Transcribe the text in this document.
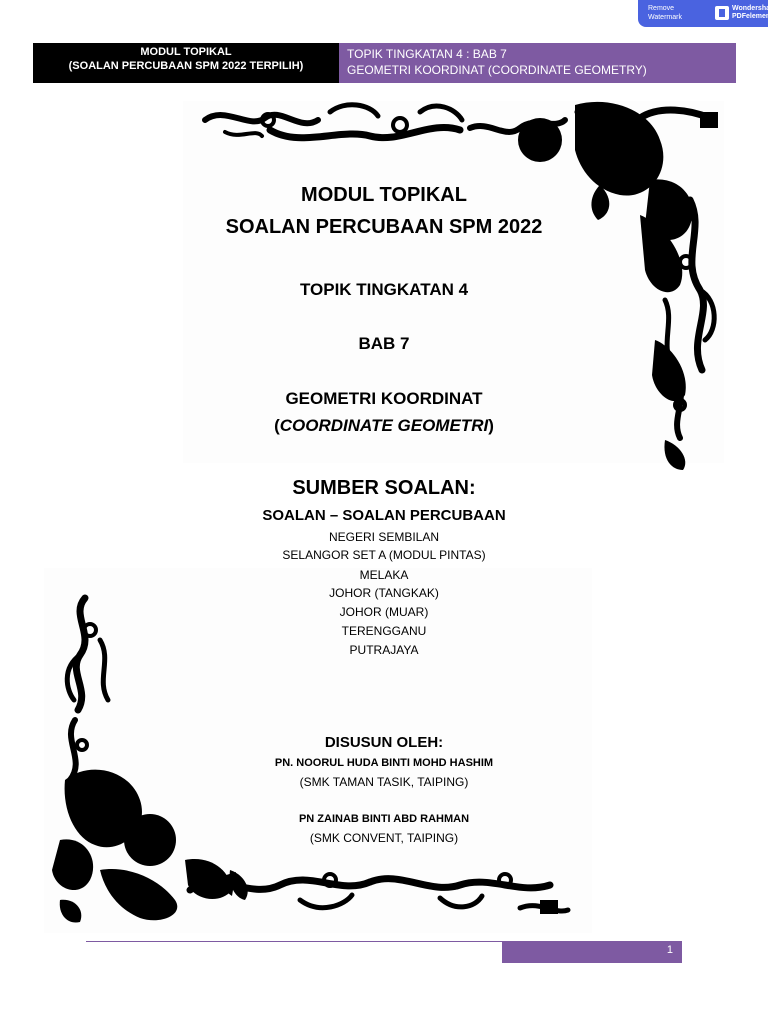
Remove
Watermark
Wondershare
PDFelement
MODUL TOPIKAL
(SOALAN PERCUBAAN SPM 2022 TERPILIH)
TOPIK TINGKATAN 4 : BAB 7
GEOMETRI KOORDINAT (COORDINATE GEOMETRY)
MODUL TOPIKAL
SOALAN PERCUBAAN SPM 2022
TOPIK TINGKATAN 4
BAB 7
GEOMETRI KOORDINAT
(COORDINATE GEOMETRI)
SUMBER SOALAN:
SOALAN – SOALAN PERCUBAAN
NEGERI SEMBILAN
SELANGOR SET A (MODUL PINTAS)
MELAKA
JOHOR (TANGKAK)
JOHOR (MUAR)
TERENGGANU
PUTRAJAYA
DISUSUN OLEH:
PN. NOORUL HUDA BINTI MOHD HASHIM
(SMK TAMAN TASIK, TAIPING)
PN ZAINAB BINTI ABD RAHMAN
(SMK CONVENT, TAIPING)
1
